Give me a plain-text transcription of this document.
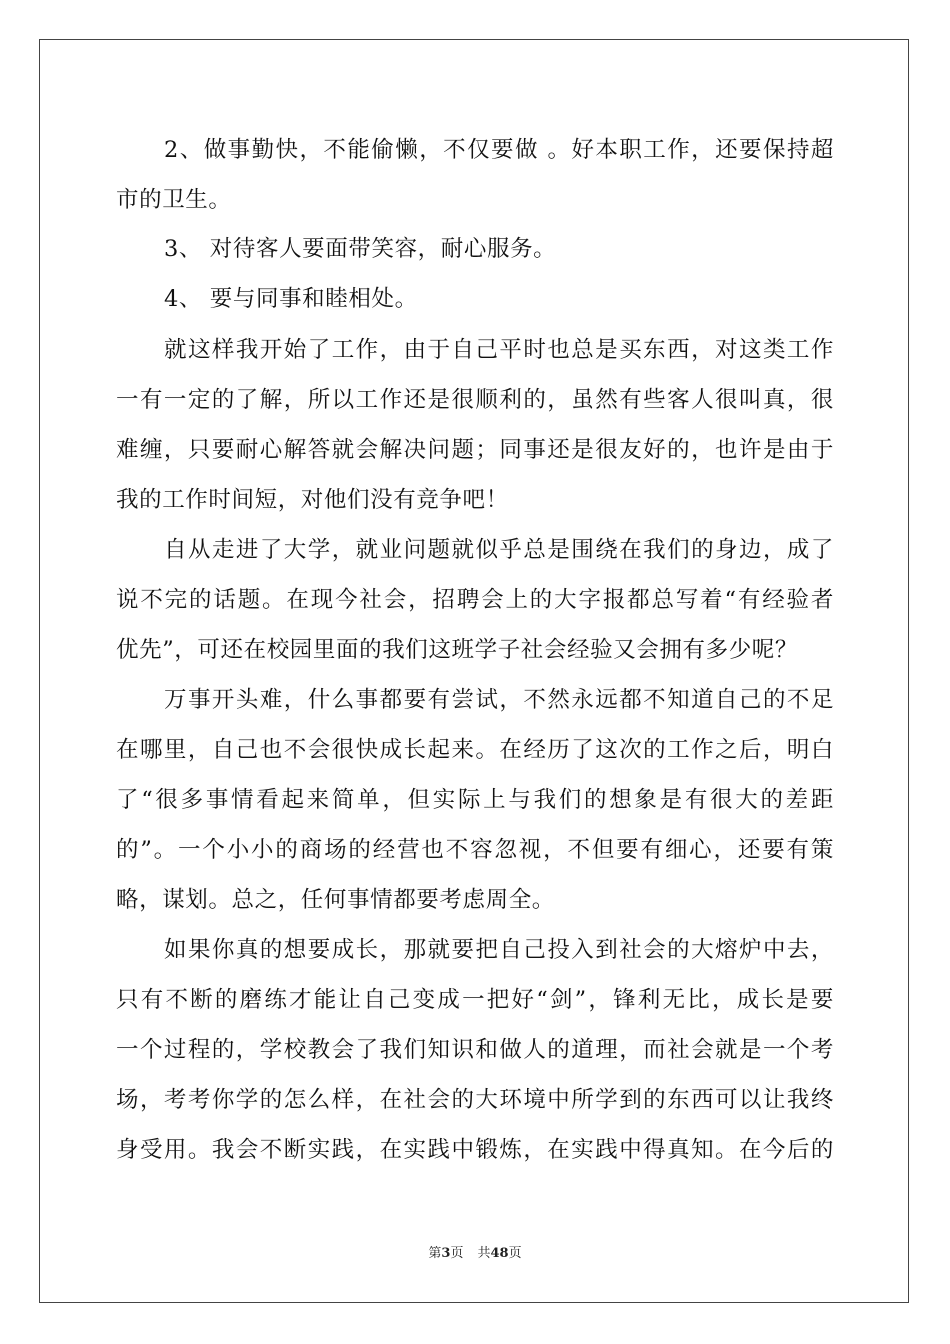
2、做事勤快，不能偷懒，不仅要做 。好本职工作，还要保持超
市的卫生。
3、 对待客人要面带笑容，耐心服务。
4、 要与同事和睦相处。
就这样我开始了工作，由于自己平时也总是买东西，对这类工作
一有一定的了解，所以工作还是很顺利的，虽然有些客人很叫真，很
难缠，只要耐心解答就会解决问题；同事还是很友好的，也许是由于
我的工作时间短，对他们没有竞争吧！
自从走进了大学，就业问题就似乎总是围绕在我们的身边，成了
说不完的话题。在现今社会，招聘会上的大字报都总写着“有经验者
优先”，可还在校园里面的我们这班学子社会经验又会拥有多少呢？
万事开头难，什么事都要有尝试，不然永远都不知道自己的不足
在哪里，自己也不会很快成长起来。在经历了这次的工作之后，明白
了“很多事情看起来简单，但实际上与我们的想象是有很大的差距
的”。一个小小的商场的经营也不容忽视，不但要有细心，还要有策
略，谋划。总之，任何事情都要考虑周全。
如果你真的想要成长，那就要把自己投入到社会的大熔炉中去，
只有不断的磨练才能让自己变成一把好“剑”，锋利无比，成长是要
一个过程的，学校教会了我们知识和做人的道理，而社会就是一个考
场，考考你学的怎么样，在社会的大环境中所学到的东西可以让我终
身受用。我会不断实践，在实践中锻炼，在实践中得真知。在今后的
第3页 共48页
